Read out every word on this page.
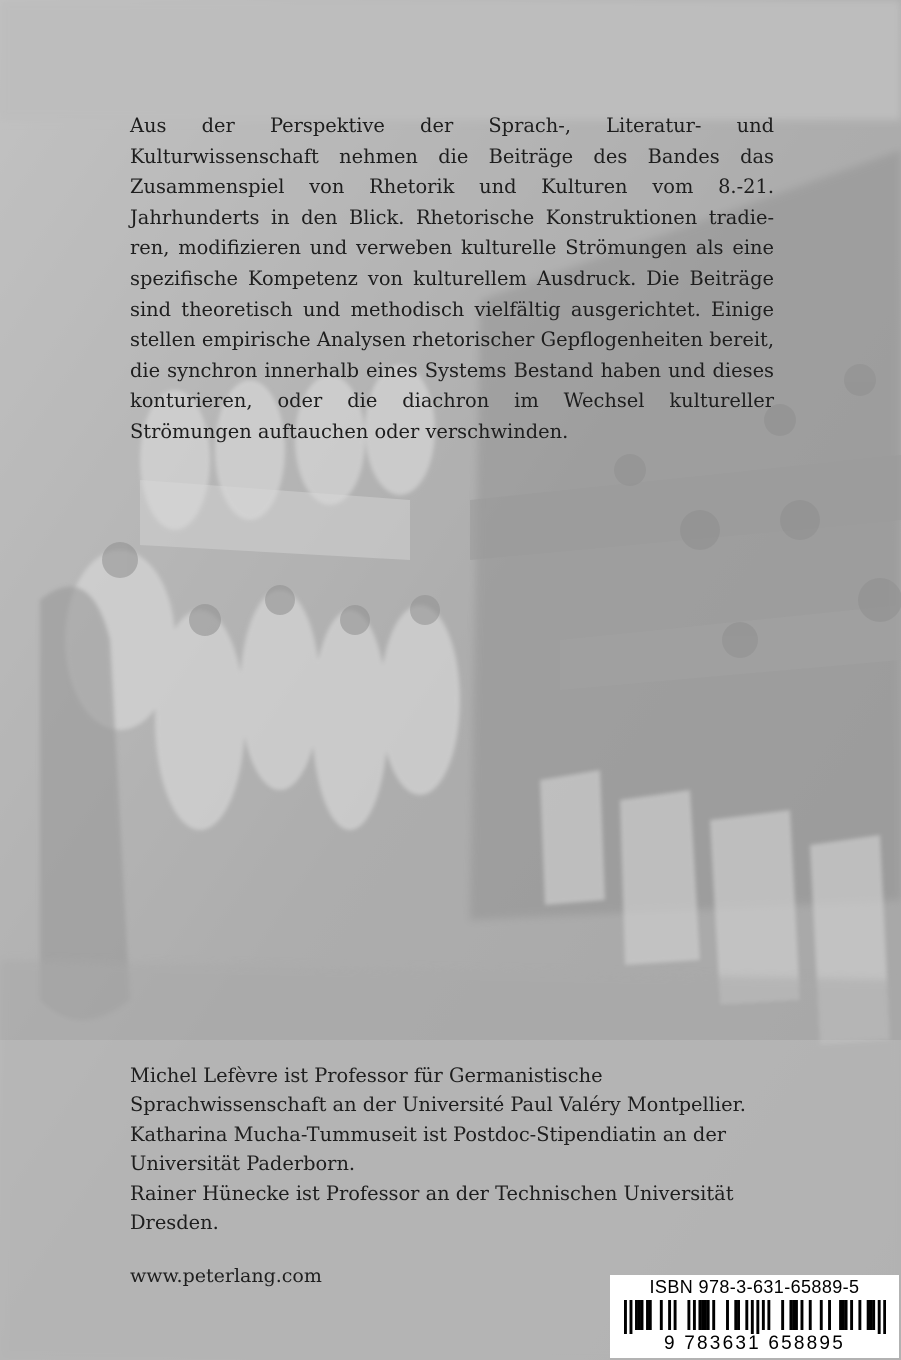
Aus der Perspektive der Sprach-, Literatur- und Kulturwissenschaft nehmen die Beiträge des Bandes das Zusammenspiel von Rhetorik und Kulturen vom 8.-21. Jahrhunderts in den Blick. Rhetorische Konstruktionen tradieren, modifizieren und verweben kulturelle Strömungen als eine spezifische Kompetenz von kulturellem Ausdruck. Die Beiträge sind theoretisch und methodisch vielfältig ausgerichtet. Einige stellen empirische Analysen rhetorischer Gepflogenheiten bereit, die synchron innerhalb eines Systems Bestand haben und dieses konturieren, oder die diachron im Wechsel kultureller Strömungen auftauchen oder verschwinden.

Michel Lefèvre ist Professor für Germanistische Sprachwissenschaft an der Université Paul Valéry Montpellier.
Katharina Mucha-Tummuseit ist Postdoc-Stipendiatin an der Universität Paderborn.
Rainer Hünecke ist Professor an der Technischen Universität Dresden.
www.peterlang.com	ISBN 978-3-631-65889-5
9 783631 658895
